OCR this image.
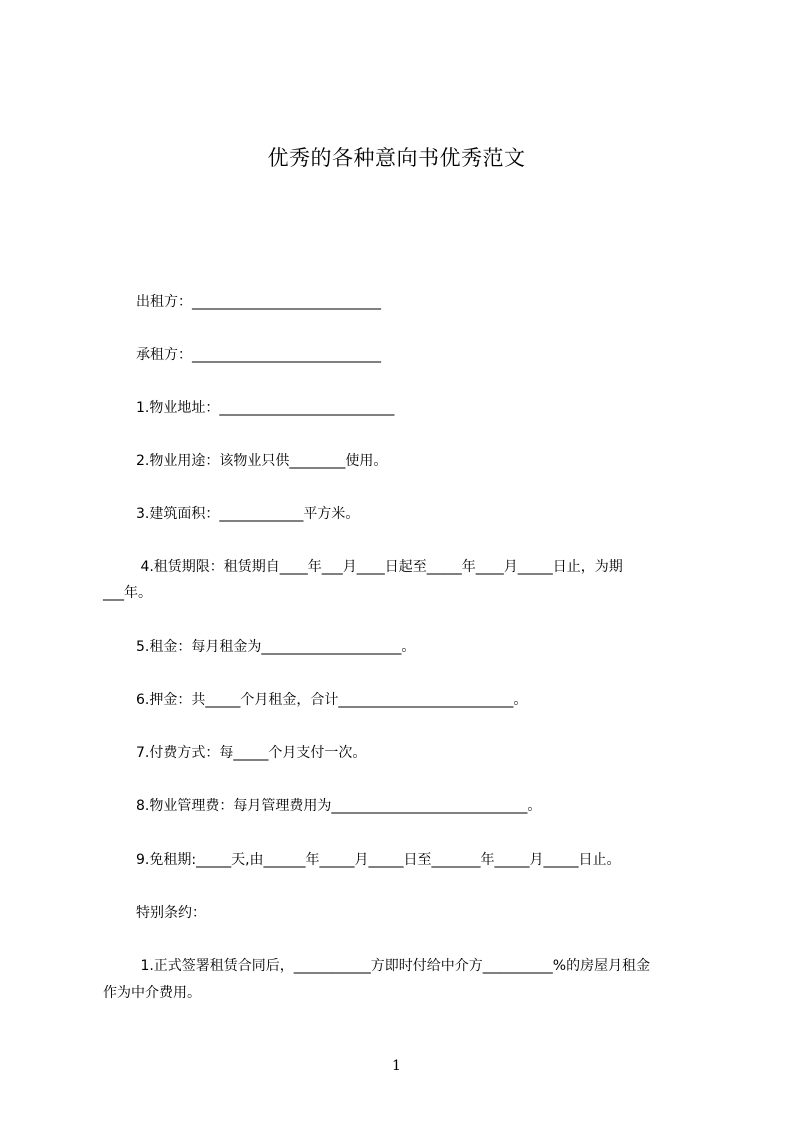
优秀的各种意向书优秀范文

出租方：___________________________

承租方：___________________________

1.物业地址：_________________________

2.物业用途：该物业只供________使用。

3.建筑面积：____________平方米。

4.租赁期限：租赁期自____年___月____日起至_____年____月_____日止，为期

___年。

5.租金：每月租金为____________________。

6.押金：共_____个月租金，合计_________________________。

7.付费方式：每_____个月支付一次。

8.物业管理费：每月管理费用为____________________________。

9.免租期:_____天,由______年_____月_____日至_______年_____月_____日止。

特别条约：

1.正式签署租赁合同后，___________方即时付给中介方__________%的房屋月租金

作为中介费用。

1
